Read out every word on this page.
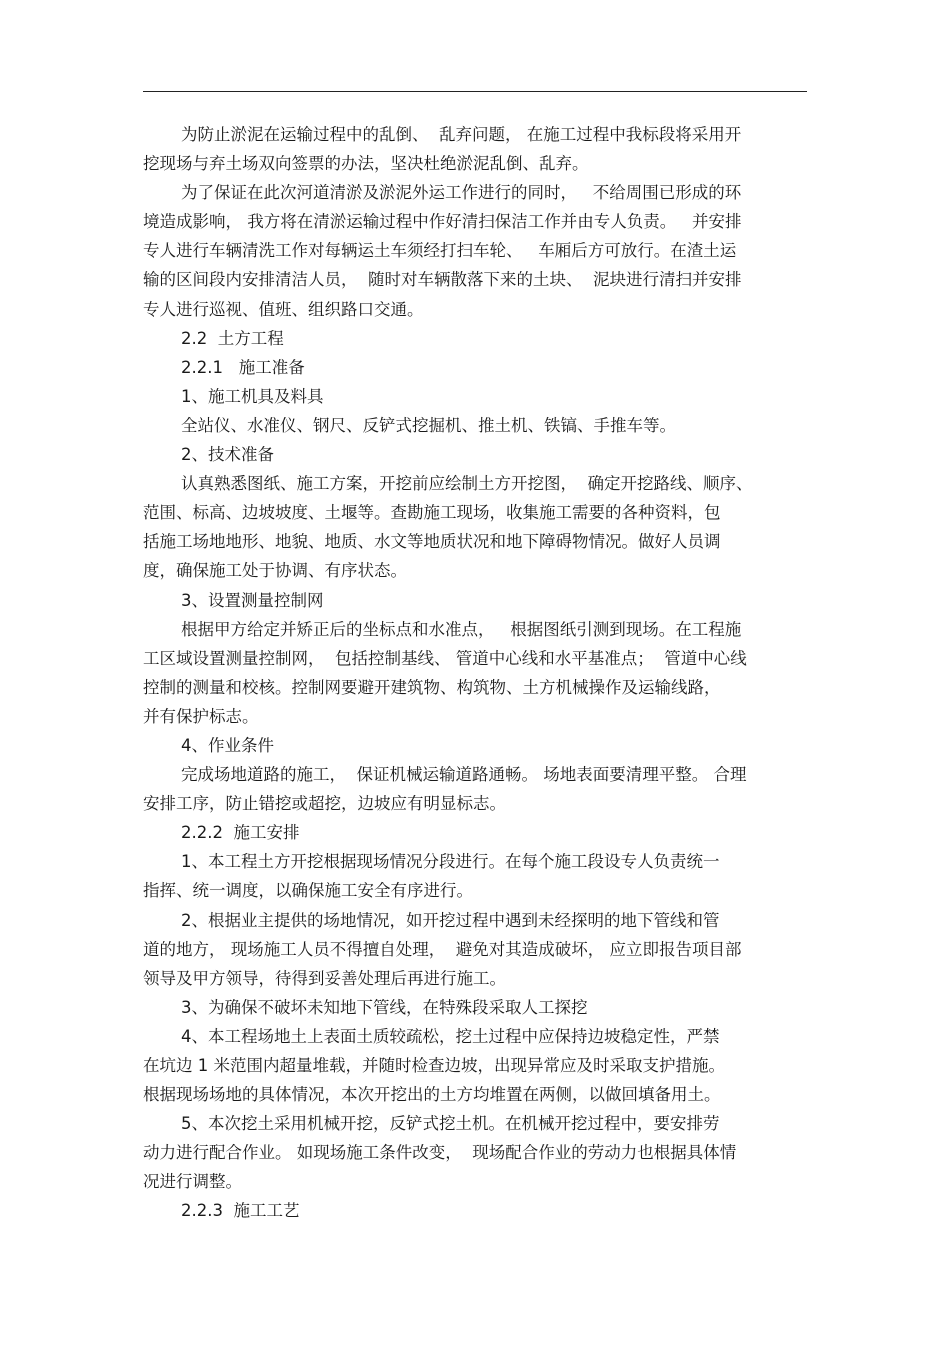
为防止淤泥在运输过程中的乱倒、  乱弃问题， 在施工过程中我标段将采用开
挖现场与弃土场双向签票的办法，坚决杜绝淤泥乱倒、乱弃。
为了保证在此次河道清淤及淤泥外运工作进行的同时，   不给周围已形成的环
境造成影响， 我方将在清淤运输过程中作好清扫保洁工作并由专人负责。   并安排
专人进行车辆清洗工作对每辆运土车须经打扫车轮、   车厢后方可放行。在渣土运
输的区间段内安排清洁人员，  随时对车辆散落下来的土块、  泥块进行清扫并安排
专人进行巡视、值班、组织路口交通。
2.2  土方工程
2.2.1   施工准备
1、施工机具及料具
全站仪、水准仪、钢尺、反铲式挖掘机、推土机、铁镐、手推车等。
2、技术准备
认真熟悉图纸、施工方案，开挖前应绘制土方开挖图，  确定开挖路线、顺序、
范围、标高、边坡坡度、土堰等。查勘施工现场，收集施工需要的各种资料，包
括施工场地地形、地貌、地质、水文等地质状况和地下障碍物情况。做好人员调
度，确保施工处于协调、有序状态。
3、设置测量控制网
根据甲方给定并矫正后的坐标点和水准点，   根据图纸引测到现场。在工程施
工区域设置测量控制网，  包括控制基线、 管道中心线和水平基准点；  管道中心线
控制的测量和校核。控制网要避开建筑物、构筑物、土方机械操作及运输线路，
并有保护标志。
4、作业条件
完成场地道路的施工，  保证机械运输道路通畅。 场地表面要清理平整。 合理
安排工序，防止错挖或超挖，边坡应有明显标志。
2.2.2  施工安排
1、本工程土方开挖根据现场情况分段进行。在每个施工段设专人负责统一
指挥、统一调度，以确保施工安全有序进行。
2、根据业主提供的场地情况，如开挖过程中遇到未经探明的地下管线和管
道的地方， 现场施工人员不得擅自处理，  避免对其造成破坏， 应立即报告项目部
领导及甲方领导，待得到妥善处理后再进行施工。
3、为确保不破坏未知地下管线，在特殊段采取人工探挖
4、本工程场地土上表面土质较疏松，挖土过程中应保持边坡稳定性，严禁
在坑边 1 米范围内超量堆载，并随时检查边坡，出现异常应及时采取支护措施。
根据现场场地的具体情况，本次开挖出的土方均堆置在两侧，以做回填备用土。
5、本次挖土采用机械开挖，反铲式挖土机。在机械开挖过程中，要安排劳
动力进行配合作业。 如现场施工条件改变，  现场配合作业的劳动力也根据具体情
况进行调整。
2.2.3  施工工艺
